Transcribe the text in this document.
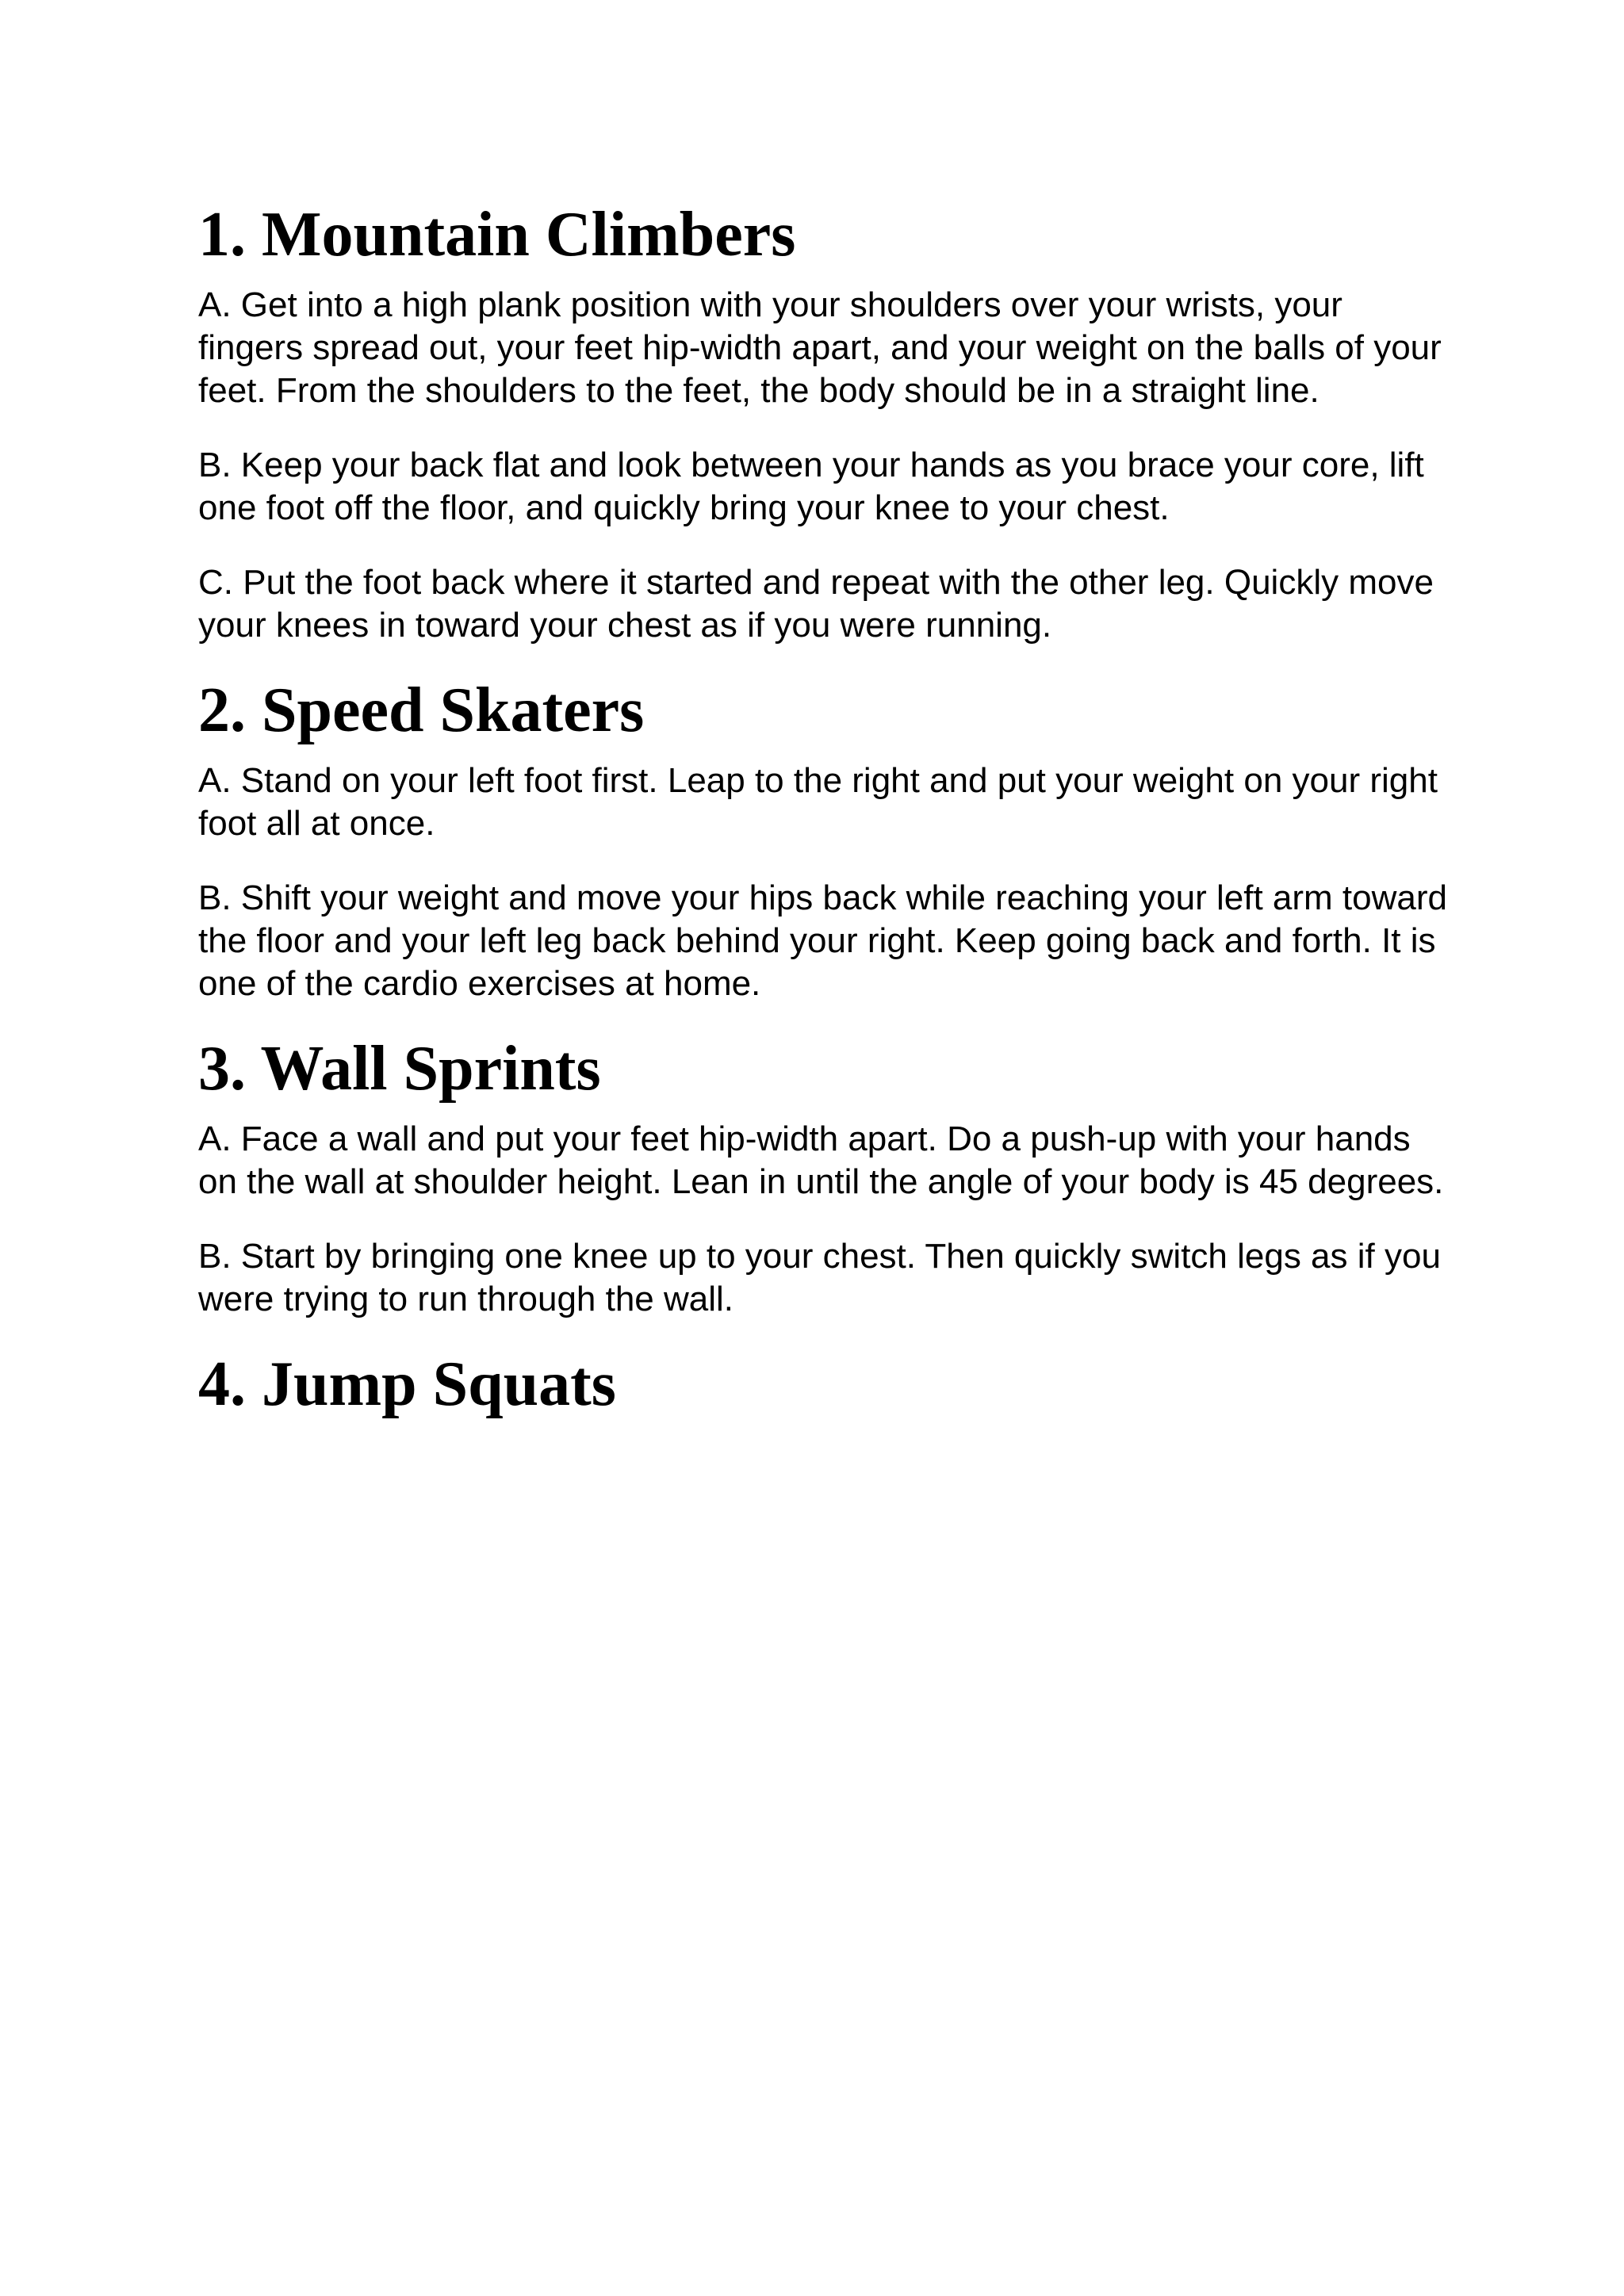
1. Mountain Climbers

A. Get into a high plank position with your shoulders over your wrists, your fingers spread out, your feet hip-width apart, and your weight on the balls of your feet. From the shoulders to the feet, the body should be in a straight line.

B. Keep your back flat and look between your hands as you brace your core, lift one foot off the floor, and quickly bring your knee to your chest.

C. Put the foot back where it started and repeat with the other leg. Quickly move your knees in toward your chest as if you were running.

2. Speed Skaters

A. Stand on your left foot first. Leap to the right and put your weight on your right foot all at once.

B. Shift your weight and move your hips back while reaching your left arm toward the floor and your left leg back behind your right. Keep going back and forth. It is one of the cardio exercises at home.

3. Wall Sprints

A. Face a wall and put your feet hip-width apart. Do a push-up with your hands on the wall at shoulder height. Lean in until the angle of your body is 45 degrees.

B. Start by bringing one knee up to your chest. Then quickly switch legs as if you were trying to run through the wall.

4. Jump Squats
